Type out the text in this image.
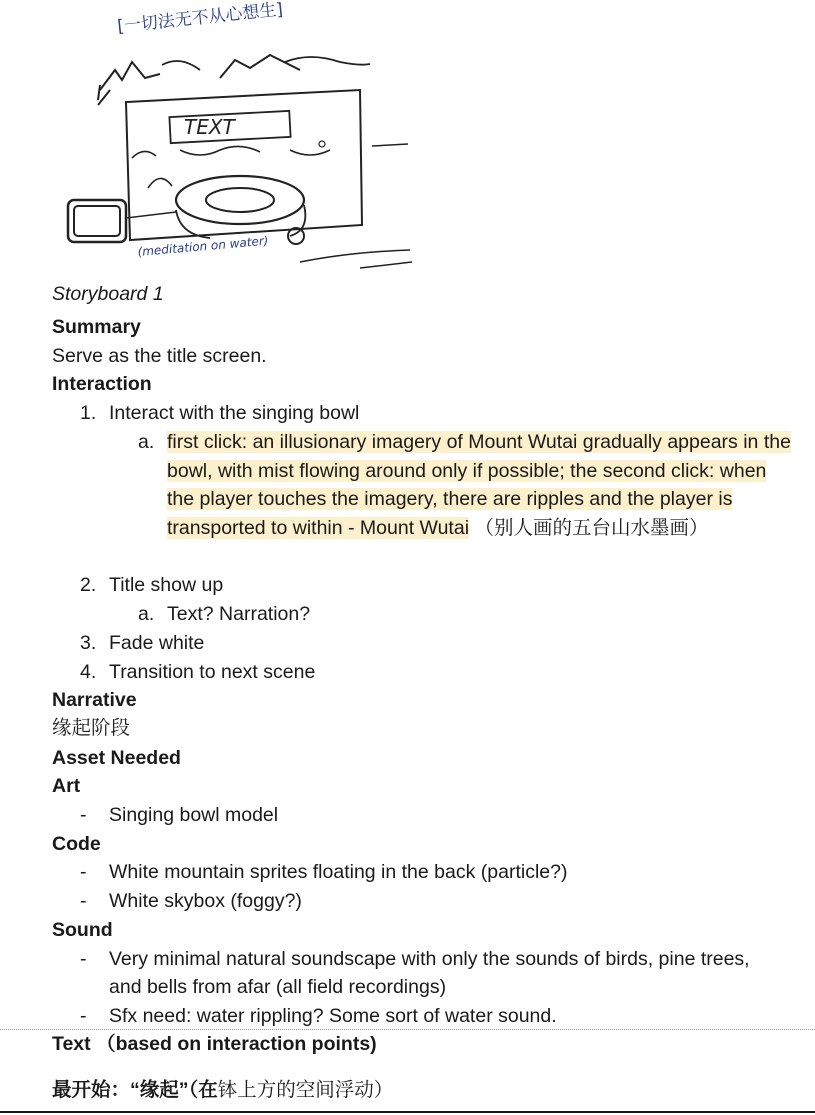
[一切法无不从心想生]
TEXT
(meditation on water)
Storyboard 1
Summary
Serve as the title screen.
Interaction
1. Interact with the singing bowl
a. first click: an illusionary imagery of Mount Wutai gradually appears in the bowl, with mist flowing around only if possible; the second click: when the player touches the imagery, there are ripples and the player is transported to within - Mount Wutai （别人画的五台山水墨画）
2. Title show up
a. Text? Narration?
3. Fade white
4. Transition to next scene
Narrative
缘起阶段
Asset Needed
Art
- Singing bowl model
Code
- White mountain sprites floating in the back (particle?)
- White skybox (foggy?)
Sound
- Very minimal natural soundscape with only the sounds of birds, pine trees,
and bells from afar (all field recordings)
- Sfx need: water rippling? Some sort of water sound.
Text （based on interaction points)
最开始：“缘起”（在钵上方的空间浮动）
